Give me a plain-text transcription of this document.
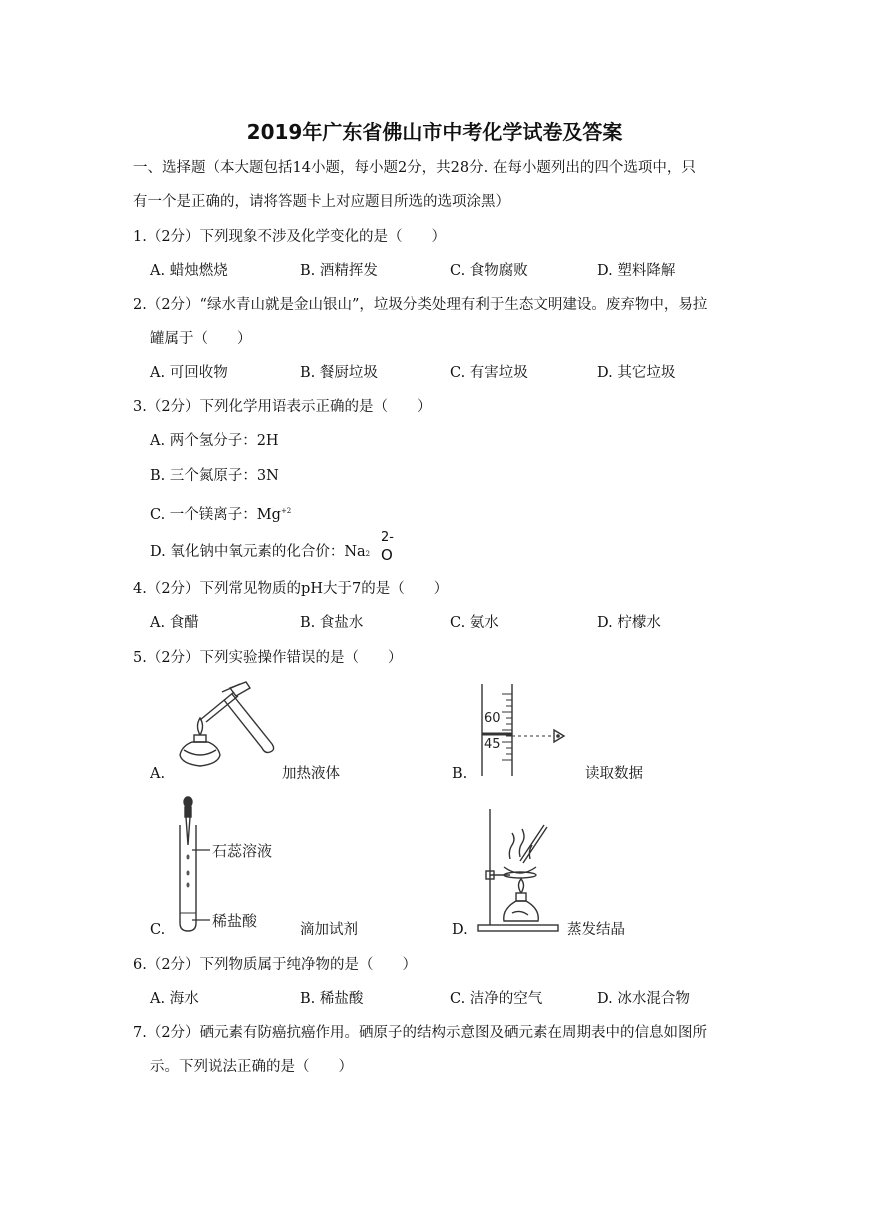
2019年广东省佛山市中考化学试卷及答案
一、选择题（本大题包括14小题，每小题2分，共28分. 在每小题列出的四个选项中，只
有一个是正确的，请将答题卡上对应题目所选的选项涂黑）
1.（2分）下列现象不涉及化学变化的是（　　）
A. 蜡烛燃烧	B. 酒精挥发	C. 食物腐败	D. 塑料降解
2.（2分）“绿水青山就是金山银山”，垃圾分类处理有利于生态文明建设。废弃物中，易拉
罐属于（　　）
A. 可回收物	B. 餐厨垃圾	C. 有害垃圾	D. 其它垃圾
3.（2分）下列化学用语表示正确的是（　　）
A. 两个氢分子：2H
B. 三个氮原子：3N
C. 一个镁离子：$Mg^{+2}$
D. 氧化钠中氧元素的化合价：Na2
2-
O
4.（2分）下列常见物质的pH大于7的是（　　）
A. 食醋	B. 食盐水	C. 氨水	D. 柠檬水
5.（2分）下列实验操作错误的是（　　）
A.	加热液体
60
45
B.	读取数据
石蕊溶液
稀盐酸
C.	滴加试剂	D.	蒸发结晶
6.（2分）下列物质属于纯净物的是（　　）
A. 海水	B. 稀盐酸	C. 洁净的空气	D. 冰水混合物
7.（2分）硒元素有防癌抗癌作用。硒原子的结构示意图及硒元素在周期表中的信息如图所
示。下列说法正确的是（　　）
